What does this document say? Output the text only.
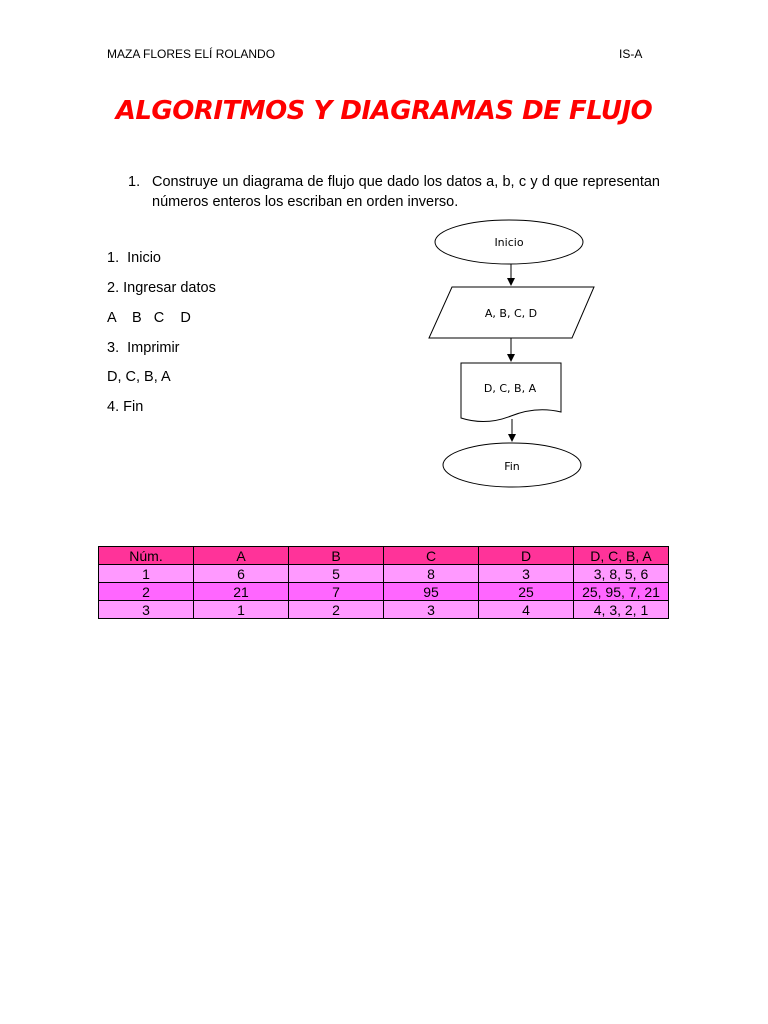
MAZA FLORES ELÍ ROLANDO	IS-A
ALGORITMOS Y DIAGRAMAS DE FLUJO
1. Construye un diagrama de flujo que dado los datos a, b, c y d que representan números enteros los escriban en orden inverso.
1.  Inicio
2. Ingresar datos
A    B   C    D
3.  Imprimir
D, C, B, A
4. Fin
Inicio
A, B, C, D
D, C, B, A
Fin
Núm.	A	B	C	D	D, C, B, A
1	6	5	8	3	3, 8, 5, 6
2	21	7	95	25	25, 95, 7, 21
3	1	2	3	4	4, 3, 2, 1
